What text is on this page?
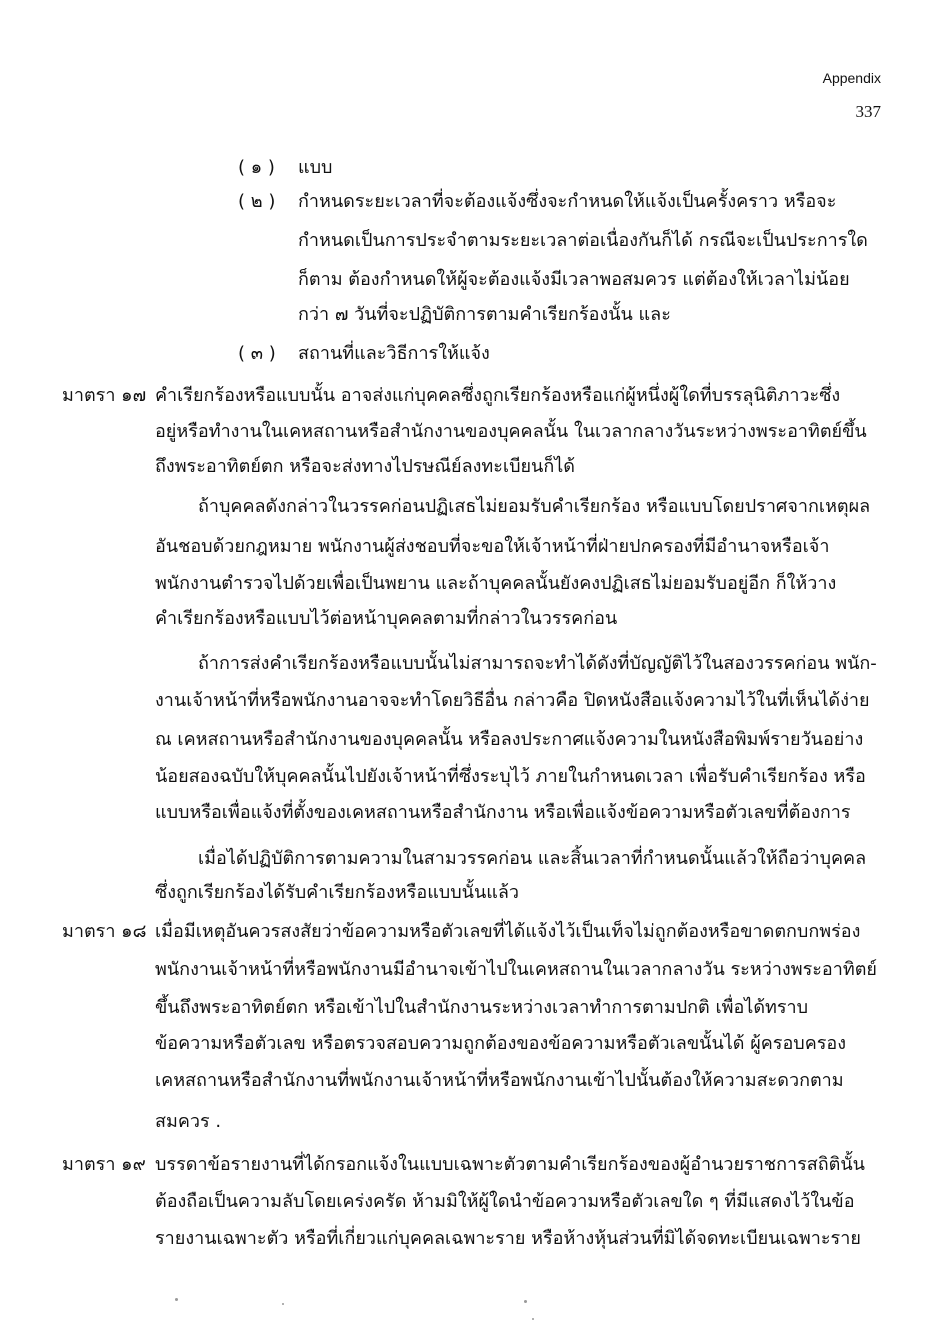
Appendix
337
( ๑ ) แบบ
( ๒ ) กำหนดระยะเวลาที่จะต้องแจ้งซึ่งจะกำหนดให้แจ้งเป็นครั้งคราว หรือจะ
กำหนดเป็นการประจำตามระยะเวลาต่อเนื่องกันก็ได้ กรณีจะเป็นประการใด
ก็ตาม ต้องกำหนดให้ผู้จะต้องแจ้งมีเวลาพอสมควร แต่ต้องให้เวลาไม่น้อย
กว่า ๗ วันที่จะปฏิบัติการตามคำเรียกร้องนั้น และ
( ๓ ) สถานที่และวิธีการให้แจ้ง
มาตรา ๑๗ คำเรียกร้องหรือแบบนั้น อาจส่งแก่บุคคลซึ่งถูกเรียกร้องหรือแก่ผู้หนึ่งผู้ใดที่บรรลุนิติภาวะซึ่ง
อยู่หรือทำงานในเคหสถานหรือสำนักงานของบุคคลนั้น ในเวลากลางวันระหว่างพระอาทิตย์ขึ้น
ถึงพระอาทิตย์ตก หรือจะส่งทางไปรษณีย์ลงทะเบียนก็ได้
ถ้าบุคคลดังกล่าวในวรรคก่อนปฏิเสธไม่ยอมรับคำเรียกร้อง หรือแบบโดยปราศจากเหตุผล
อันชอบด้วยกฎหมาย พนักงานผู้ส่งชอบที่จะขอให้เจ้าหน้าที่ฝ่ายปกครองที่มีอำนาจหรือเจ้า
พนักงานตำรวจไปด้วยเพื่อเป็นพยาน และถ้าบุคคลนั้นยังคงปฏิเสธไม่ยอมรับอยู่อีก ก็ให้วาง
คำเรียกร้องหรือแบบไว้ต่อหน้าบุคคลตามที่กล่าวในวรรคก่อน
ถ้าการส่งคำเรียกร้องหรือแบบนั้นไม่สามารถจะทำได้ดังที่บัญญัติไว้ในสองวรรคก่อน พนัก-
งานเจ้าหน้าที่หรือพนักงานอาจจะทำโดยวิธีอื่น กล่าวคือ ปิดหนังสือแจ้งความไว้ในที่เห็นได้ง่าย
ณ เคหสถานหรือสำนักงานของบุคคลนั้น หรือลงประกาศแจ้งความในหนังสือพิมพ์รายวันอย่าง
น้อยสองฉบับให้บุคคลนั้นไปยังเจ้าหน้าที่ซึ่งระบุไว้ ภายในกำหนดเวลา เพื่อรับคำเรียกร้อง หรือ
แบบหรือเพื่อแจ้งที่ตั้งของเคหสถานหรือสำนักงาน หรือเพื่อแจ้งข้อความหรือตัวเลขที่ต้องการ
เมื่อได้ปฏิบัติการตามความในสามวรรคก่อน และสิ้นเวลาที่กำหนดนั้นแล้วให้ถือว่าบุคคล
ซึ่งถูกเรียกร้องได้รับคำเรียกร้องหรือแบบนั้นแล้ว
มาตรา ๑๘ เมื่อมีเหตุอันควรสงสัยว่าข้อความหรือตัวเลขที่ได้แจ้งไว้เป็นเท็จไม่ถูกต้องหรือขาดตกบกพร่อง
พนักงานเจ้าหน้าที่หรือพนักงานมีอำนาจเข้าไปในเคหสถานในเวลากลางวัน ระหว่างพระอาทิตย์
ขึ้นถึงพระอาทิตย์ตก หรือเข้าไปในสำนักงานระหว่างเวลาทำการตามปกติ เพื่อได้ทราบ
ข้อความหรือตัวเลข หรือตรวจสอบความถูกต้องของข้อความหรือตัวเลขนั้นได้ ผู้ครอบครอง
เคหสถานหรือสำนักงานที่พนักงานเจ้าหน้าที่หรือพนักงานเข้าไปนั้นต้องให้ความสะดวกตาม
สมควร .
มาตรา ๑๙ บรรดาข้อรายงานที่ได้กรอกแจ้งในแบบเฉพาะตัวตามคำเรียกร้องของผู้อำนวยราชการสถิตินั้น
ต้องถือเป็นความลับโดยเคร่งครัด ห้ามมิให้ผู้ใดนำข้อความหรือตัวเลขใด ๆ ที่มีแสดงไว้ในข้อ
รายงานเฉพาะตัว หรือที่เกี่ยวแก่บุคคลเฉพาะราย หรือห้างหุ้นส่วนที่มิได้จดทะเบียนเฉพาะราย
